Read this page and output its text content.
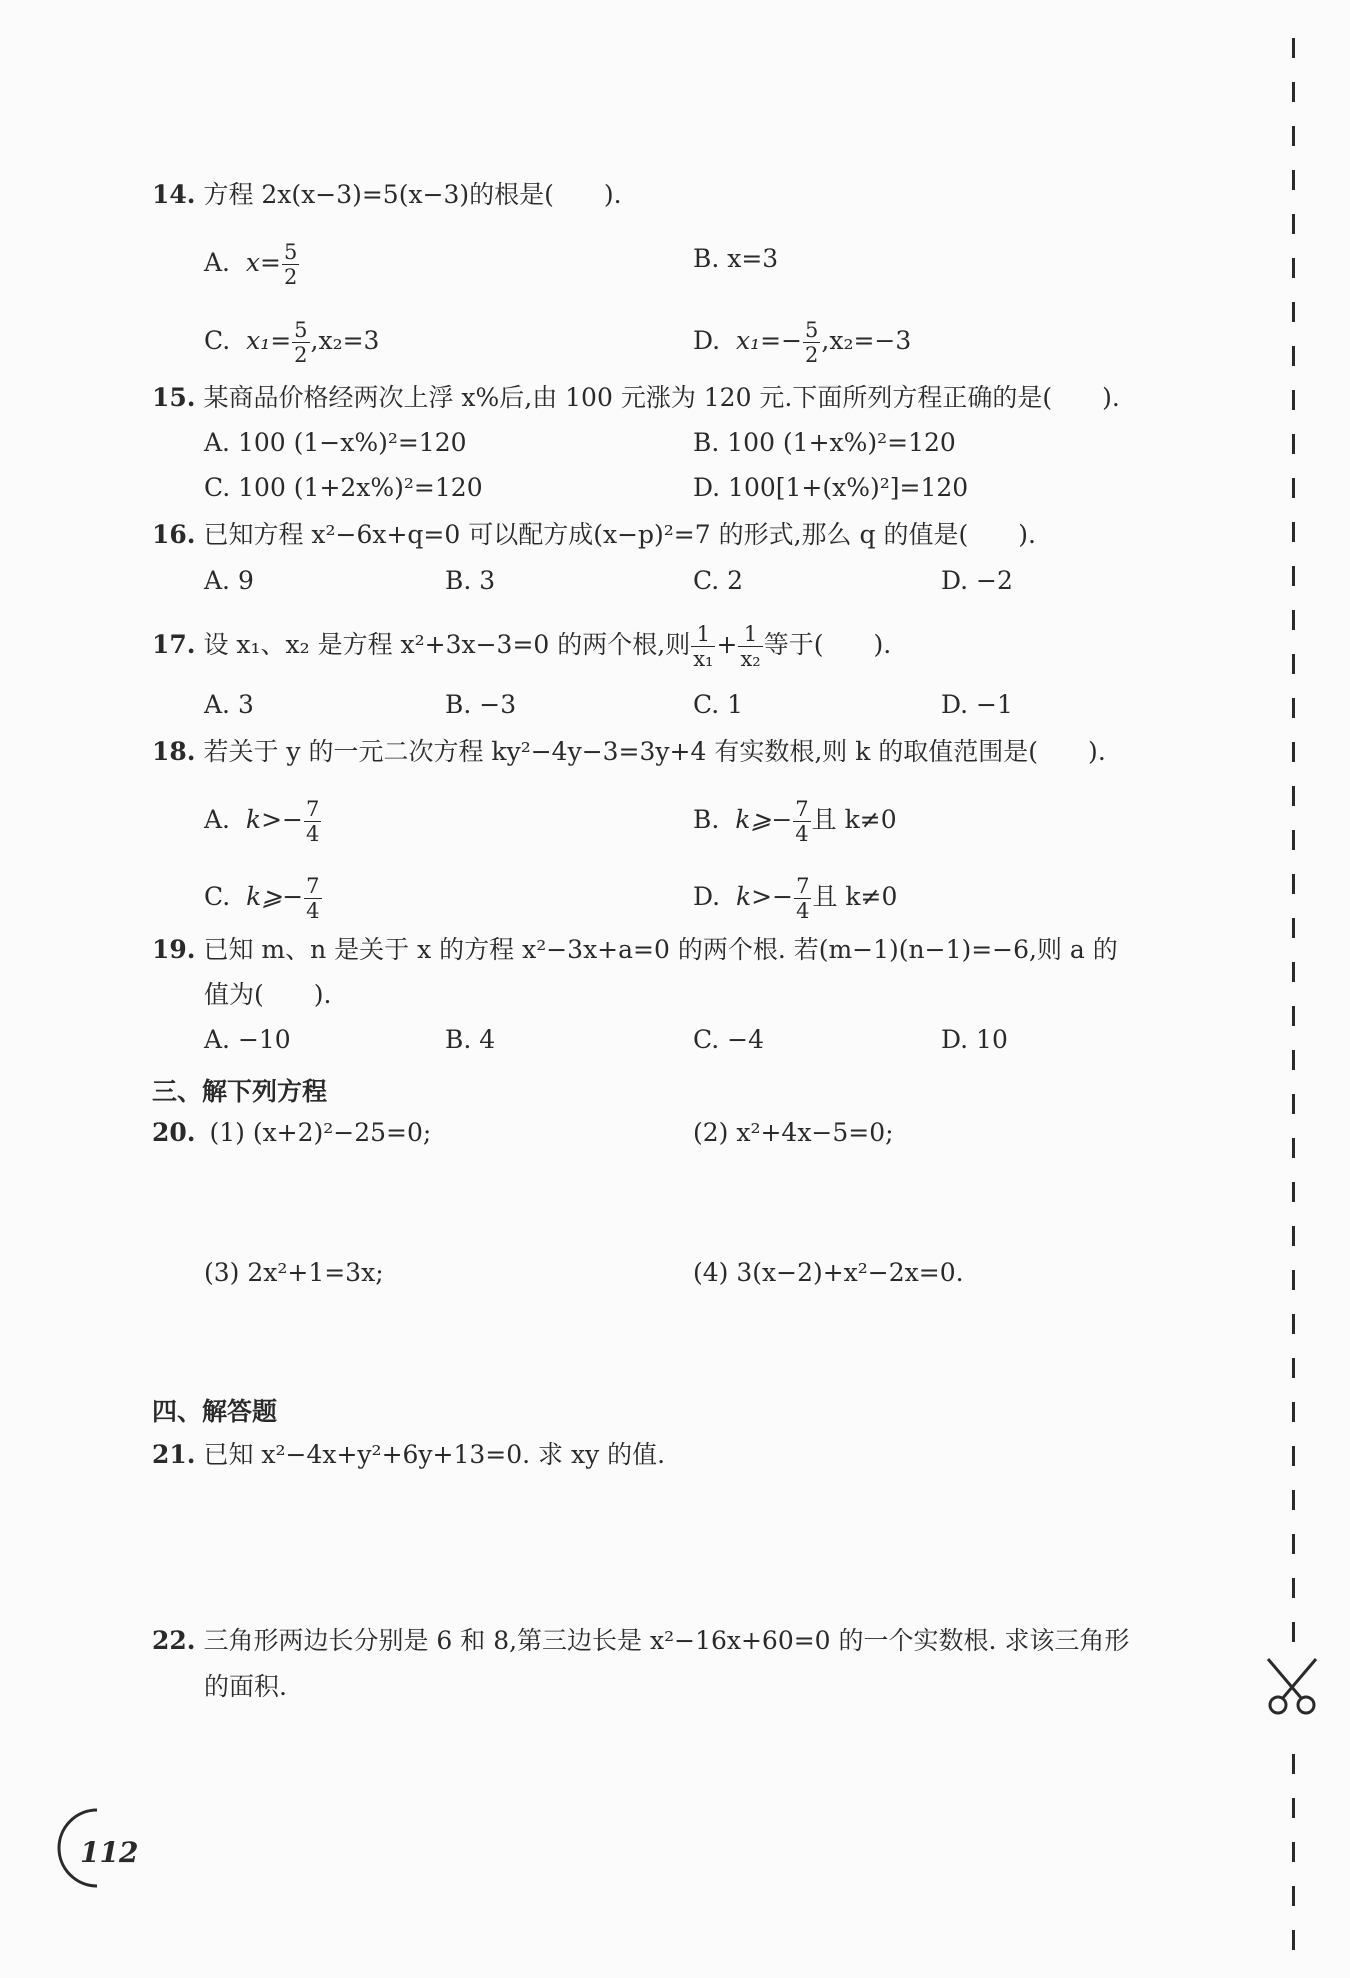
14. 方程 2x(x−3)=5(x−3)的根是(　　).
A. $x= \frac{5}{2}$	B. x=3
C. $x_1= \frac{5}{2} ,x_2=3$	D. $x_1=- \frac{5}{2} ,x_2=-3$
15. 某商品价格经两次上浮 x%后,由 100 元涨为 120 元.下面所列方程正确的是(　　).
A. 100 (1−x%)²=120	B. 100 (1+x%)²=120
C. 100 (1+2x%)²=120	D. 100[1+(x%)²]=120
16. 已知方程 x²−6x+q=0 可以配方成(x−p)²=7 的形式,那么 q 的值是(　　).
A. 9	B. 3	C. 2	D. −2
17. 设 x₁、x₂ 是方程 x²+3x−3=0 的两个根,则 $\frac{1}{\text{x₁}} + \frac{1}{\text{x₂}}$ 等于(　　).
A. 3	B. −3	C. 1	D. −1
18. 若关于 y 的一元二次方程 ky²−4y−3=3y+4 有实数根,则 k 的取值范围是(　　).
A. $k>- \frac{7}{4}$	B. k⩾− $\frac{7}{4}$ 且 k≠0
C. k⩾− $\frac{7}{4}$	D. $k>- \frac{7}{4}$ 且 k≠0
19. 已知 m、n 是关于 x 的方程 x²−3x+a=0 的两个根. 若(m−1)(n−1)=−6,则 a 的
值为(　　).
A. −10	B. 4	C. −4	D. 10
三、解下列方程
20. (1) (x+2)²−25=0;	(2) x²+4x−5=0;
(3) 2x²+1=3x;	(4) 3(x−2)+x²−2x=0.
四、解答题
21. 已知 x²−4x+y²+6y+13=0. 求 xy 的值.
22. 三角形两边长分别是 6 和 8,第三边长是 x²−16x+60=0 的一个实数根. 求该三角形
的面积.
112
